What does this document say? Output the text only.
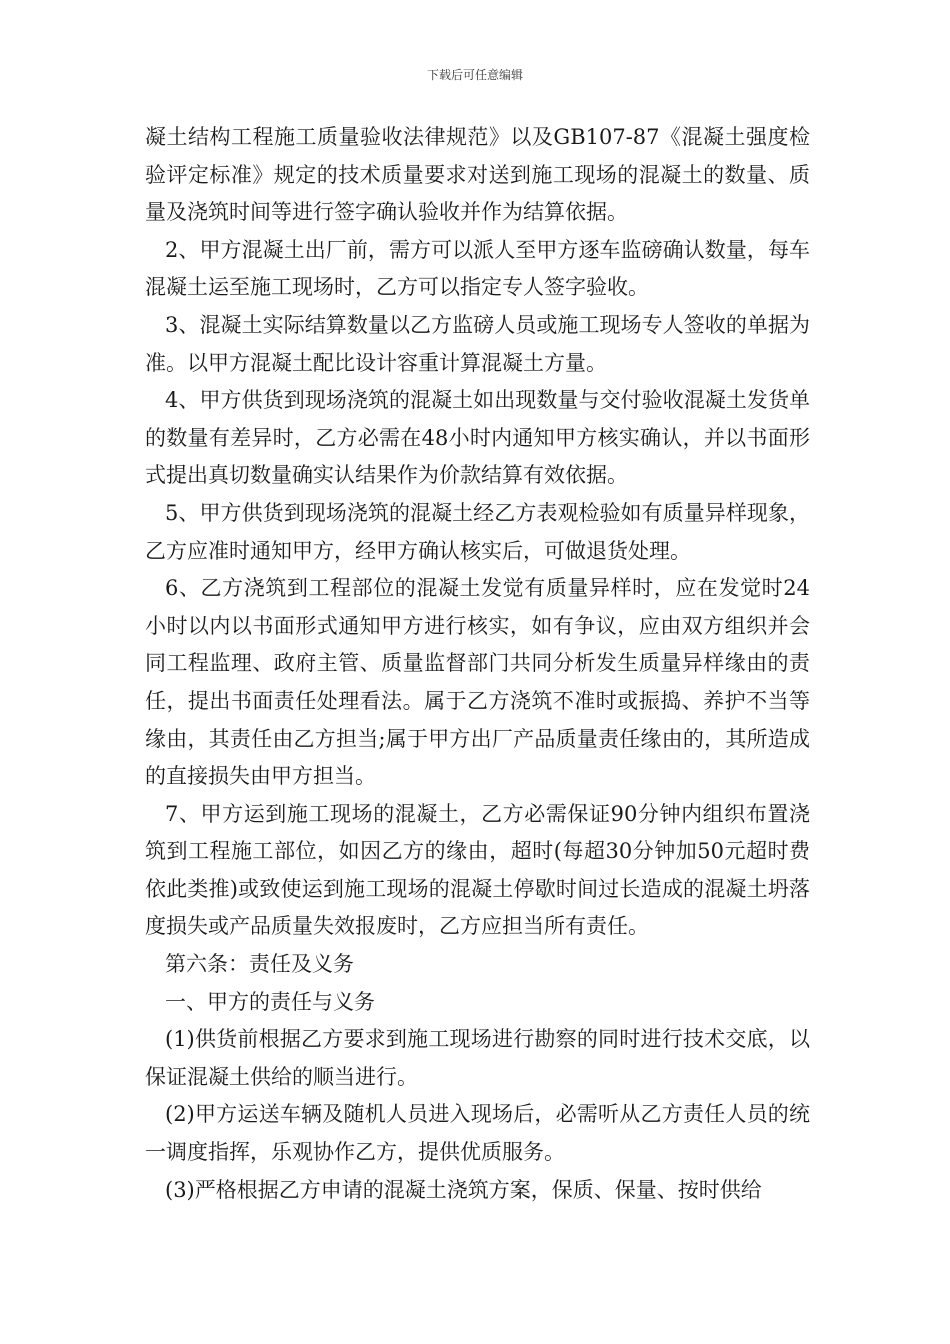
下载后可任意编辑

凝土结构工程施工质量验收法律规范》以及GB107-87《混凝土强度检验评定标准》规定的技术质量要求对送到施工现场的混凝土的数量、质量及浇筑时间等进行签字确认验收并作为结算依据。

2、甲方混凝土出厂前，需方可以派人至甲方逐车监磅确认数量，每车混凝土运至施工现场时，乙方可以指定专人签字验收。

3、混凝土实际结算数量以乙方监磅人员或施工现场专人签收的单据为准。以甲方混凝土配比设计容重计算混凝土方量。

4、甲方供货到现场浇筑的混凝土如出现数量与交付验收混凝土发货单的数量有差异时，乙方必需在48小时内通知甲方核实确认，并以书面形式提出真切数量确实认结果作为价款结算有效依据。

5、甲方供货到现场浇筑的混凝土经乙方表观检验如有质量异样现象，乙方应准时通知甲方，经甲方确认核实后，可做退货处理。

6、乙方浇筑到工程部位的混凝土发觉有质量异样时，应在发觉时24小时以内以书面形式通知甲方进行核实，如有争议，应由双方组织并会同工程监理、政府主管、质量监督部门共同分析发生质量异样缘由的责任，提出书面责任处理看法。属于乙方浇筑不准时或振捣、养护不当等缘由，其责任由乙方担当;属于甲方出厂产品质量责任缘由的，其所造成的直接损失由甲方担当。

7、甲方运到施工现场的混凝土，乙方必需保证90分钟内组织布置浇筑到工程施工部位，如因乙方的缘由，超时(每超30分钟加50元超时费依此类推)或致使运到施工现场的混凝土停歇时间过长造成的混凝土坍落度损失或产品质量失效报废时，乙方应担当所有责任。

第六条：责任及义务

一、甲方的责任与义务

(1)供货前根据乙方要求到施工现场进行勘察的同时进行技术交底，以保证混凝土供给的顺当进行。

(2)甲方运送车辆及随机人员进入现场后，必需听从乙方责任人员的统一调度指挥，乐观协作乙方，提供优质服务。

(3)严格根据乙方申请的混凝土浇筑方案，保质、保量、按时供给
